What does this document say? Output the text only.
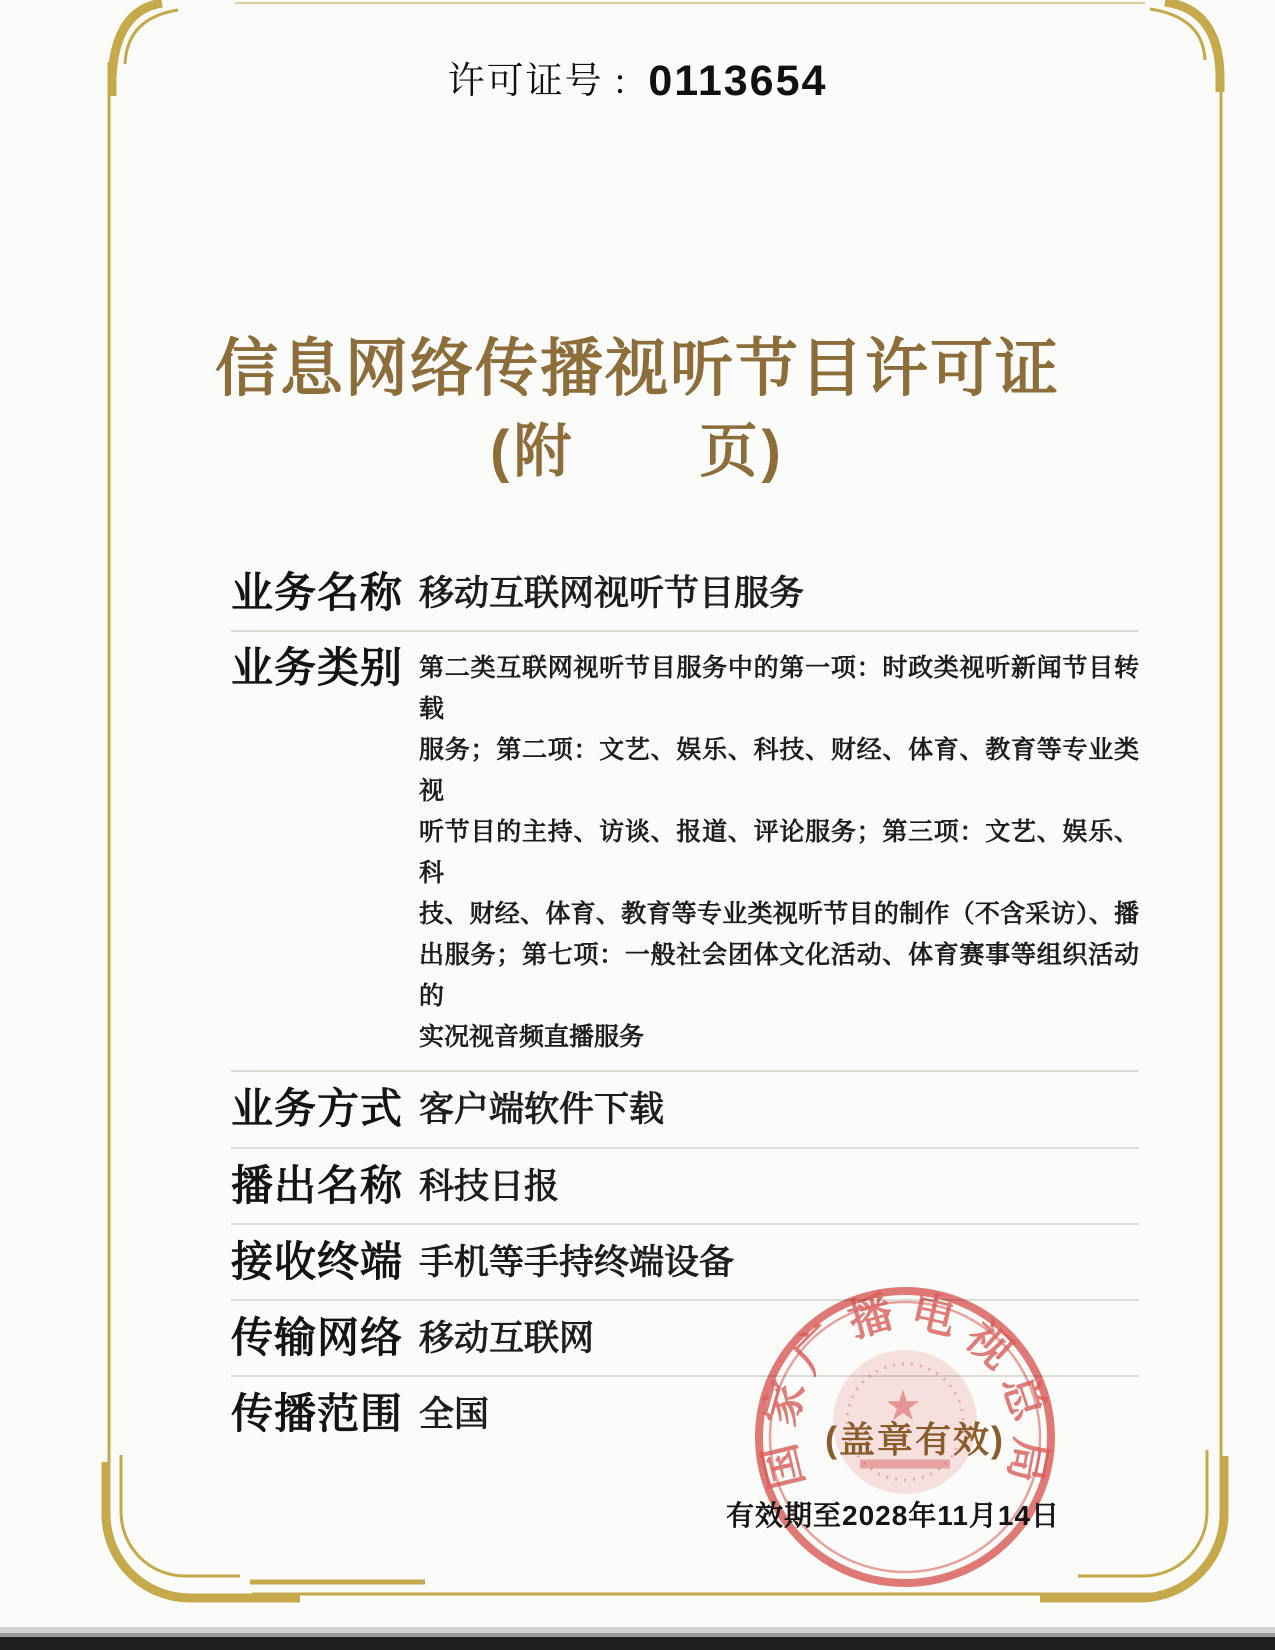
许可证号 : 0113654
信息网络传播视听节目许可证
(附　　页)
业务名称 移动互联网视听节目服务
业务类别 第二类互联网视听节目服务中的第一项：时政类视听新闻节目转载
服务；第二项：文艺、娱乐、科技、财经、体育、教育等专业类视
听节目的主持、访谈、报道、评论服务；第三项：文艺、娱乐、科
技、财经、体育、教育等专业类视听节目的制作（不含采访）、播
出服务；第七项：一般社会团体文化活动、体育赛事等组织活动的
实况视音频直播服务
业务方式 客户端软件下载
播出名称 科技日报
接收终端 手机等手持终端设备
传输网络 移动互联网
传播范围 全国	★
国家广播电视总局
(盖章有效)
有效期至2028年11月14日
